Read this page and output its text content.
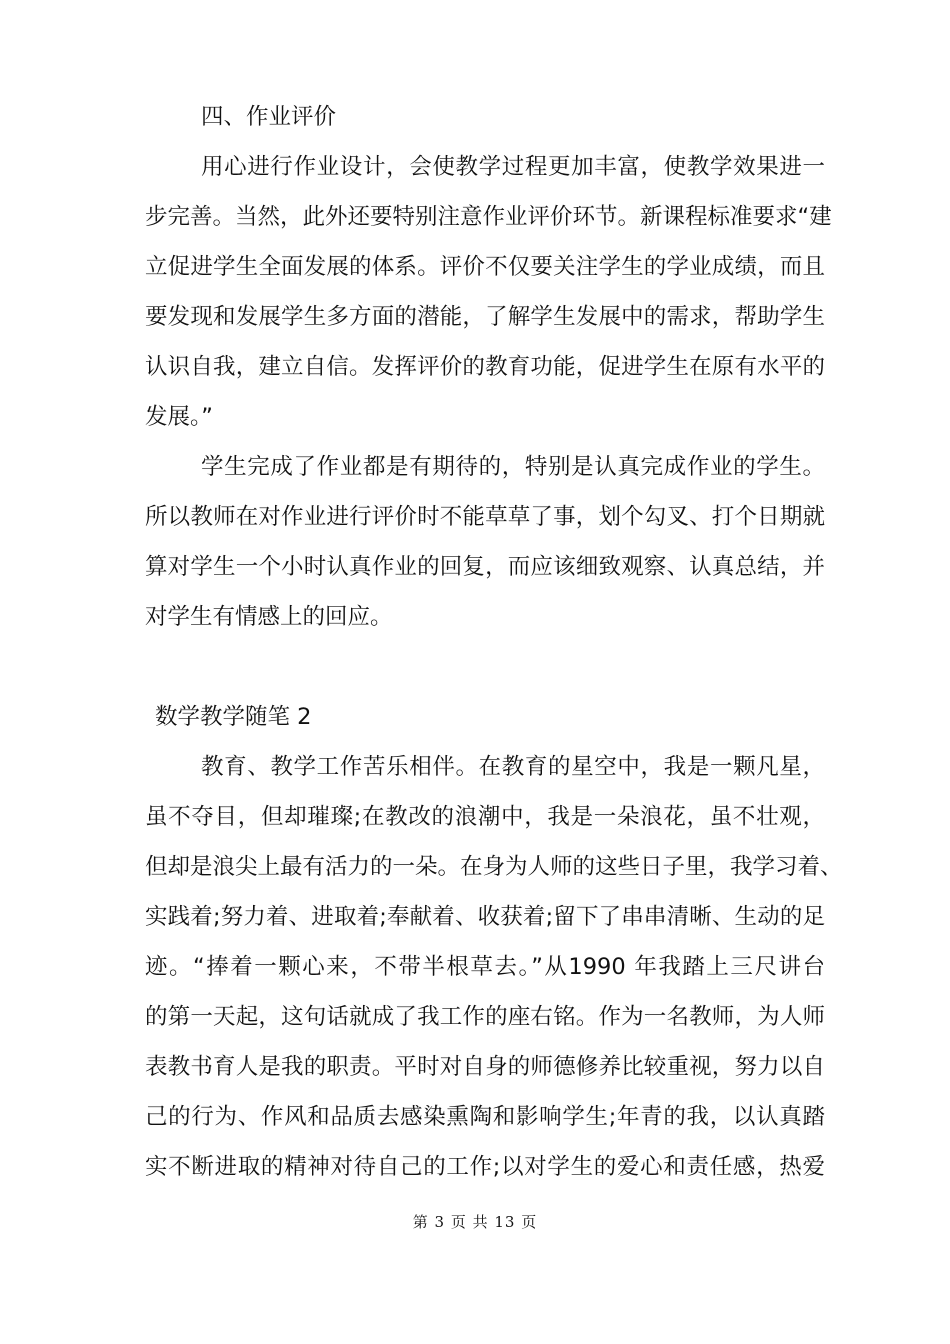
四、作业评价
用心进行作业设计，会使教学过程更加丰富，使教学效果进一
步完善。当然，此外还要特别注意作业评价环节。新课程标准要求“建
立促进学生全面发展的体系。评价不仅要关注学生的学业成绩，而且
要发现和发展学生多方面的潜能，了解学生发展中的需求，帮助学生
认识自我，建立自信。发挥评价的教育功能，促进学生在原有水平的
发展。”
学生完成了作业都是有期待的，特别是认真完成作业的学生。
所以教师在对作业进行评价时不能草草了事，划个勾叉、打个日期就
算对学生一个小时认真作业的回复，而应该细致观察、认真总结，并
对学生有情感上的回应。
数学教学随笔 2
教育、教学工作苦乐相伴。在教育的星空中，我是一颗凡星，
虽不夺目，但却璀璨;在教改的浪潮中，我是一朵浪花，虽不壮观，
但却是浪尖上最有活力的一朵。在身为人师的这些日子里，我学习着、
实践着;努力着、进取着;奉献着、收获着;留下了串串清晰、生动的足
迹。“捧着一颗心来，不带半根草去。”从1990 年我踏上三尺讲台
的第一天起，这句话就成了我工作的座右铭。作为一名教师，为人师
表教书育人是我的职责。平时对自身的师德修养比较重视，努力以自
己的行为、作风和品质去感染熏陶和影响学生;年青的我，以认真踏
实不断进取的精神对待自己的工作;以对学生的爱心和责任感，热爱
第 3 页 共 13 页
